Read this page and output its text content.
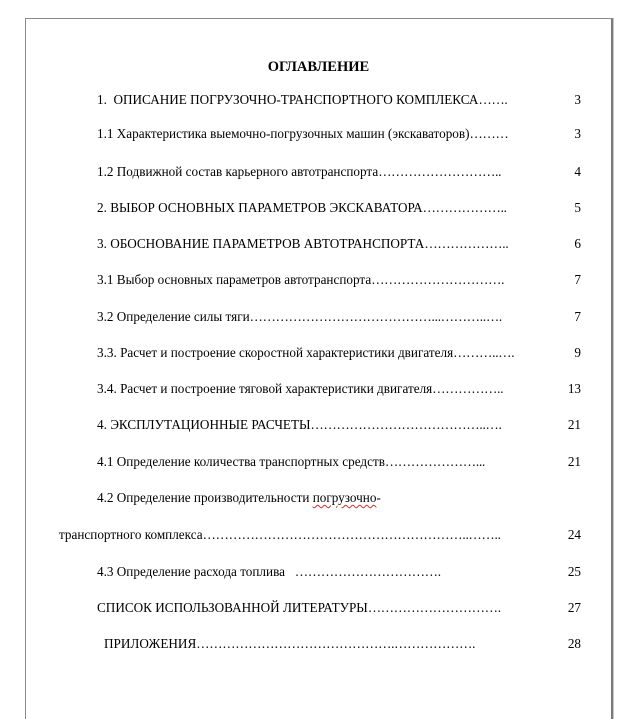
ОГЛАВЛЕНИЕ
1.  ОПИСАНИЕ ПОГРУЗОЧНО-ТРАНСПОРТНОГО КОМПЛЕКСА …….	3
1.1 Характеристика выемочно-погрузочных машин (экскаваторов) ………	3
1.2 Подвижной состав карьерного автотранспорта ………………………..	4
2. ВЫБОР ОСНОВНЫХ ПАРАМЕТРОВ ЭКСКАВАТОРА ………………..	5
3. ОБОСНОВАНИЕ ПАРАМЕТРОВ АВТОТРАНСПОРТА ………………..	6
3.1 Выбор основных параметров автотранспорта ………………………….	7
3.2 Определение силы тяги ……………………………………...………..….	7
3.3. Расчет и построение скоростной характеристики двигателя ………..….	9
3.4. Расчет и построение тяговой характеристики двигателя ……………..	13
4. ЭКСПЛУТАЦИОННЫЕ РАСЧЕТЫ …………………………………..….	21
4.1 Определение количества транспортных средств …………………...	21
4.2 Определение производительности погрузочно -
транспортного комплекса ……………………………………………………..……..	24
4.3 Определение расхода топлива …………………………….	25
СПИСОК ИСПОЛЬЗОВАННОЙ ЛИТЕРАТУРЫ ………………………….	27
ПРИЛОЖЕНИЯ ……………………………………….……………….	28
